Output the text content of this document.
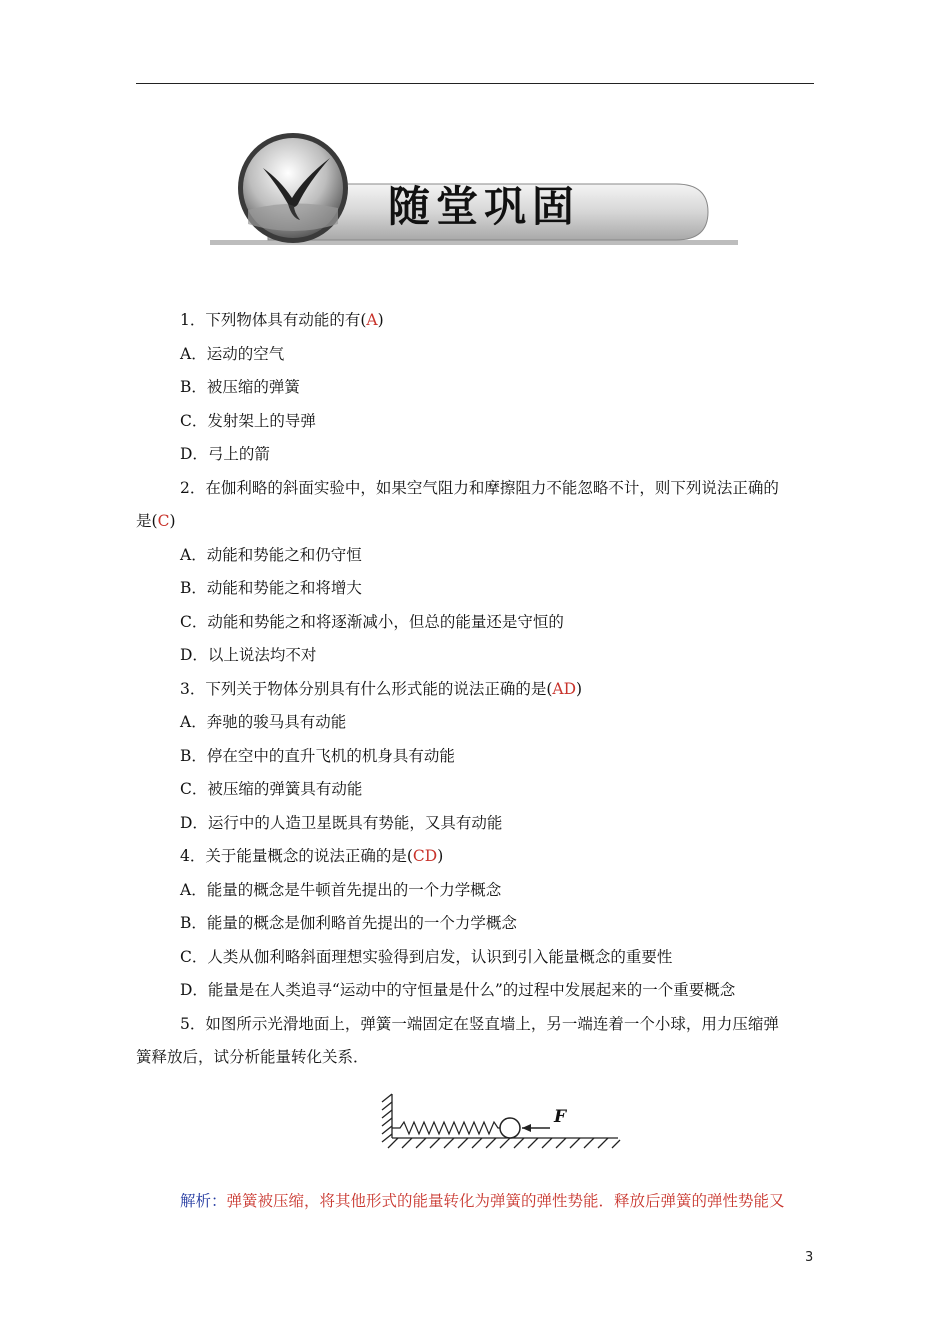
随堂巩固
1．下列物体具有动能的有(A)
A．运动的空气
B．被压缩的弹簧
C．发射架上的导弹
D．弓上的箭
2．在伽利略的斜面实验中，如果空气阻力和摩擦阻力不能忽略不计，则下列说法正确的
是(C)
A．动能和势能之和仍守恒
B．动能和势能之和将增大
C．动能和势能之和将逐渐减小，但总的能量还是守恒的
D．以上说法均不对
3．下列关于物体分别具有什么形式能的说法正确的是(AD)
A．奔驰的骏马具有动能
B．停在空中的直升飞机的机身具有动能
C．被压缩的弹簧具有动能
D．运行中的人造卫星既具有势能，又具有动能
4．关于能量概念的说法正确的是(CD)
A．能量的概念是牛顿首先提出的一个力学概念
B．能量的概念是伽利略首先提出的一个力学概念
C．人类从伽利略斜面理想实验得到启发，认识到引入能量概念的重要性
D．能量是在人类追寻“运动中的守恒量是什么”的过程中发展起来的一个重要概念
5．如图所示光滑地面上，弹簧一端固定在竖直墙上，另一端连着一个小球，用力压缩弹
簧释放后，试分析能量转化关系．
F
解析：弹簧被压缩，将其他形式的能量转化为弹簧的弹性势能．释放后弹簧的弹性势能又
3
